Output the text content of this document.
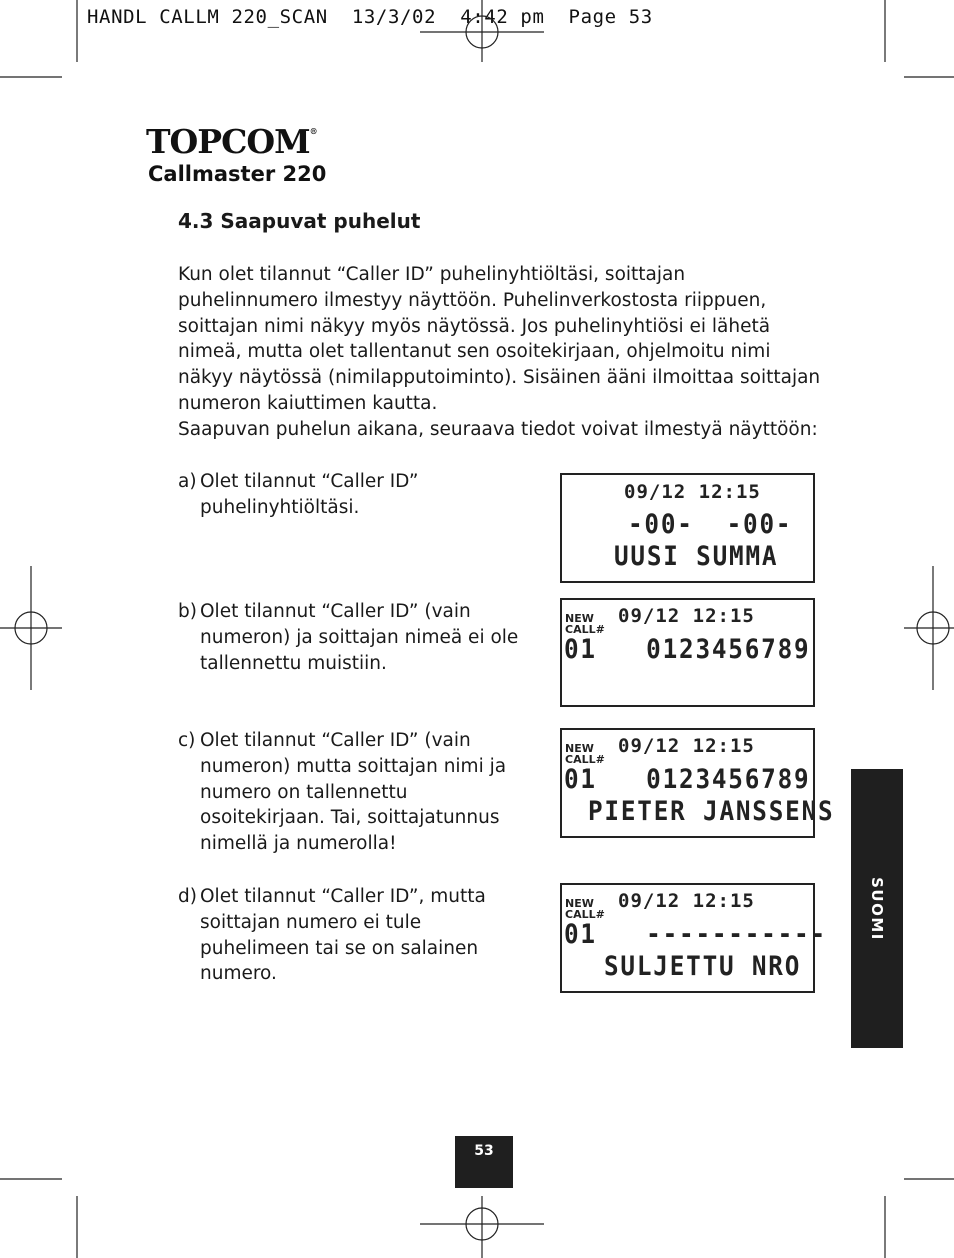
HANDL CALLM 220_SCAN  13/3/02  4:42 pm  Page 53
TOPCOM®
Callmaster 220
4.3 Saapuvat puhelut
Kun olet tilannut “Caller ID” puhelinyhtiöltäsi, soittajan puhelinnumero ilmestyy näyttöön. Puhelinverkostosta riippuen, soittajan nimi näkyy myös näytössä. Jos puhelinyhtiösi ei lähetä nimeä, mutta olet tallentanut sen osoitekirjaan, ohjelmoitu nimi näkyy näytössä (nimilapputoiminto). Sisäinen ääni ilmoittaa soittajan numeron kaiuttimen kautta.
Saapuvan puhelun aikana, seuraava tiedot voivat ilmestyä näyttöön:
a) Olet tilannut “Caller ID” puhelinyhtiöltäsi.
b) Olet tilannut “Caller ID” (vain numeron) ja soittajan nimeä ei ole tallennettu muistiin.
c) Olet tilannut “Caller ID” (vain numeron) mutta soittajan nimi ja numero on tallennettu osoitekirjaan. Tai, soittajatunnus nimellä ja numerolla!
d) Olet tilannut “Caller ID”, mutta soittajan numero ei tule puhelimeen tai se on salainen numero.
09/12 12:15
-00-  -00-
UUSI SUMMA
NEW
CALL#
09/12 12:15
01   0123456789
NEW
CALL#
09/12 12:15
01   0123456789
PIETER JANSSENS
NEW
CALL#
09/12 12:15
01   -----------
SULJETTU NRO
SUOMI
53
